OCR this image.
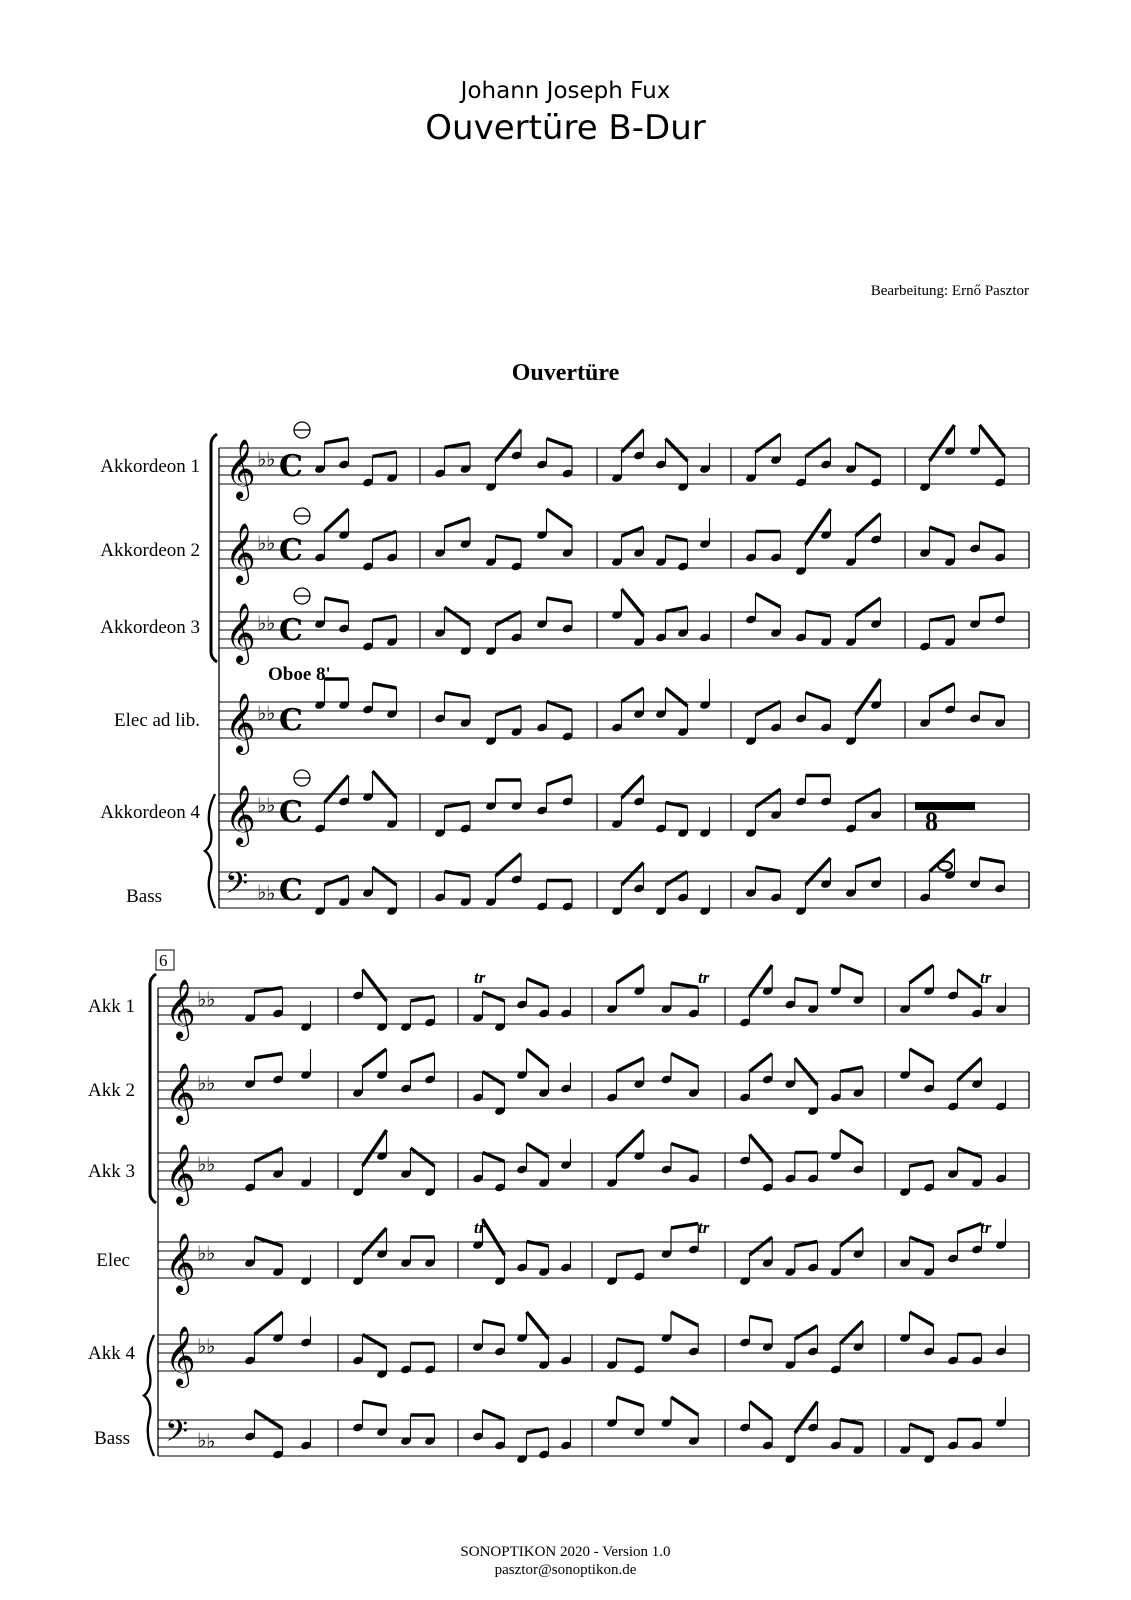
Johann Joseph Fux
Ouvertüre B-Dur
Bearbeitung: Ernő Pasztor
Ouvertüre
Akkordeon 1
Akkordeon 2
Akkordeon 3
Elec ad lib.
Akkordeon 4
Bass
Oboe 8'
Akk 1
Akk 2
Akk 3
Elec
Akk 4
Bass
𝄞 ♭ ♭ C
𝄞 ♭ ♭ C
𝄞 ♭ ♭ C
𝄞 ♭ ♭ C
𝄞 ♭ ♭ C
𝄢 ♭ ♭ C
𝄞 ♭ ♭
𝄞 ♭ ♭
𝄞 ♭ ♭
𝄞 ♭ ♭
𝄞 ♭ ♭
𝄢 ♭ ♭
8
6
tr	tr	tr
tr	tr	tr
SONOPTIKON 2020 - Version 1.0
pasztor@sonoptikon.de
